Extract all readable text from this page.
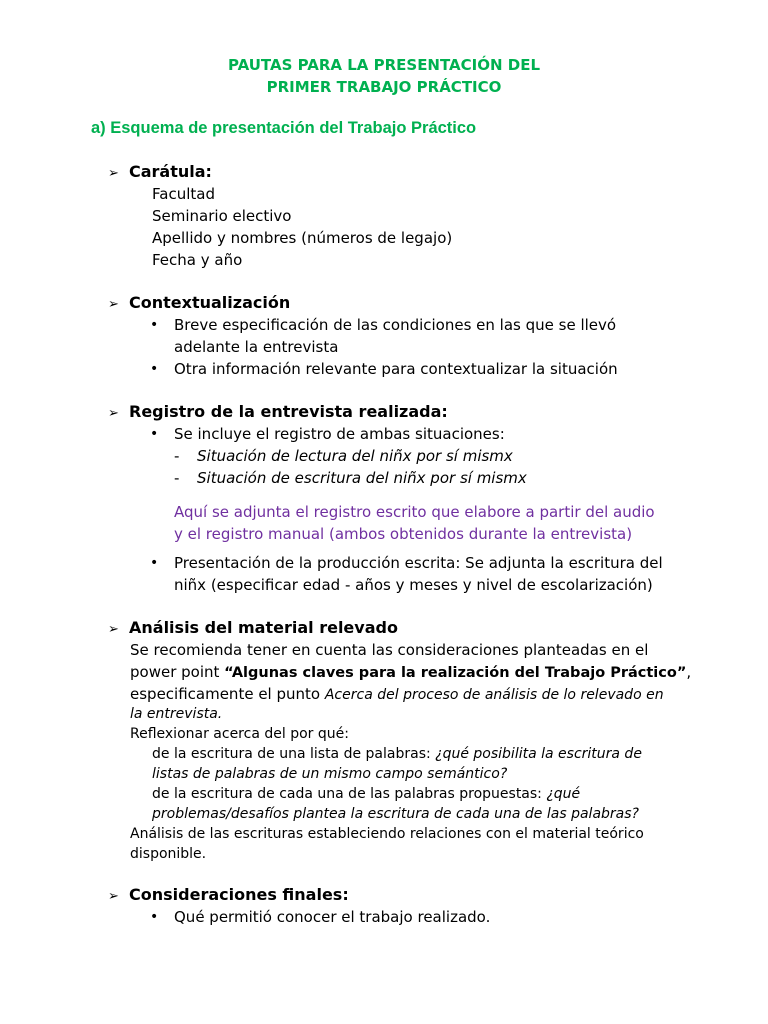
PAUTAS PARA LA PRESENTACIÓN DEL
PRIMER TRABAJO PRÁCTICO
a) Esquema de presentación del Trabajo Práctico
➢ Carátula:
Facultad
Seminario electivo
Apellido y nombres (números de legajo)
Fecha y año
➢ Contextualización
• Breve especificación de las condiciones en las que se llevó
adelante la entrevista
• Otra información relevante para contextualizar la situación
➢ Registro de la entrevista realizada:
• Se incluye el registro de ambas situaciones:
- Situación de lectura del niñx por sí mismx
- Situación de escritura del niñx por sí mismx
Aquí se adjunta el registro escrito que elabore a partir del audio
y el registro manual (ambos obtenidos durante la entrevista)
• Presentación de la producción escrita: Se adjunta la escritura del
niñx (especificar edad - años y meses y nivel de escolarización)
➢ Análisis del material relevado
Se recomienda tener en cuenta las consideraciones planteadas en el
power point “Algunas claves para la realización del Trabajo Práctico”,
especificamente el punto Acerca del proceso de análisis de lo relevado en
la entrevista.
Reflexionar acerca del por qué:
de la escritura de una lista de palabras: ¿qué posibilita la escritura de
listas de palabras de un mismo campo semántico?
de la escritura de cada una de las palabras propuestas: ¿qué
problemas/desafíos plantea la escritura de cada una de las palabras?
Análisis de las escrituras estableciendo relaciones con el material teórico
disponible.
➢ Consideraciones finales:
• Qué permitió conocer el trabajo realizado.
